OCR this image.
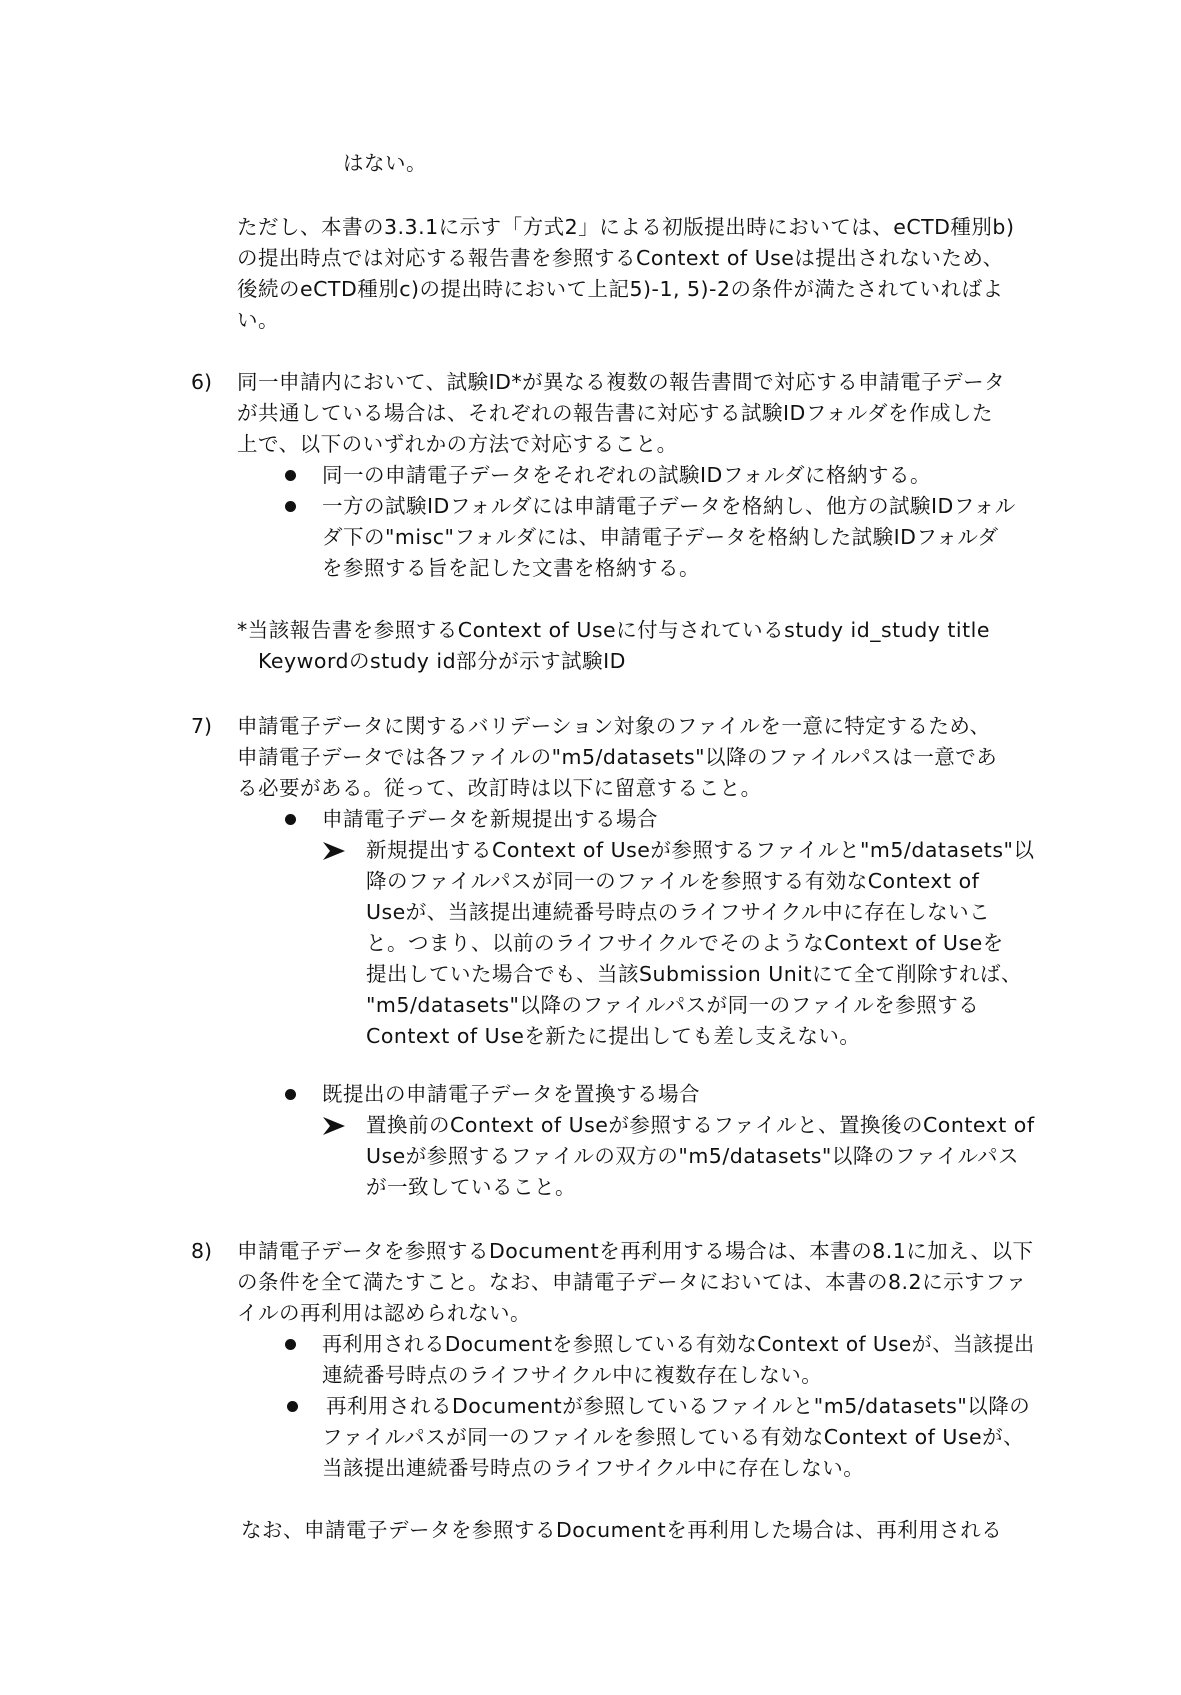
はない。
ただし、本書の3.3.1に示す「方式2」による初版提出時においては、eCTD種別b)
の提出時点では対応する報告書を参照するContext of Useは提出されないため、
後続のeCTD種別c)の提出時において上記5)-1, 5)-2の条件が満たされていればよ
い。
6) 同一申請内において、試験ID*が異なる複数の報告書間で対応する申請電子データ
が共通している場合は、それぞれの報告書に対応する試験IDフォルダを作成した
上で、以下のいずれかの方法で対応すること。
同一の申請電子データをそれぞれの試験IDフォルダに格納する。
一方の試験IDフォルダには申請電子データを格納し、他方の試験IDフォル
ダ下の"misc"フォルダには、申請電子データを格納した試験IDフォルダ
を参照する旨を記した文書を格納する。
*当該報告書を参照するContext of Useに付与されているstudy id_study title
Keywordのstudy id部分が示す試験ID
7) 申請電子データに関するバリデーション対象のファイルを一意に特定するため、
申請電子データでは各ファイルの"m5/datasets"以降のファイルパスは一意であ
る必要がある。従って、改訂時は以下に留意すること。
申請電子データを新規提出する場合
新規提出するContext of Useが参照するファイルと"m5/datasets"以
降のファイルパスが同一のファイルを参照する有効なContext of
Useが、当該提出連続番号時点のライフサイクル中に存在しないこ
と。つまり、以前のライフサイクルでそのようなContext of Useを
提出していた場合でも、当該Submission Unitにて全て削除すれば、
"m5/datasets"以降のファイルパスが同一のファイルを参照する
Context of Useを新たに提出しても差し支えない。
既提出の申請電子データを置換する場合
置換前のContext of Useが参照するファイルと、置換後のContext of
Useが参照するファイルの双方の"m5/datasets"以降のファイルパス
が一致していること。
8) 申請電子データを参照するDocumentを再利用する場合は、本書の8.1に加え、以下
の条件を全て満たすこと。なお、申請電子データにおいては、本書の8.2に示すファ
イルの再利用は認められない。
再利用されるDocumentを参照している有効なContext of Useが、当該提出
連続番号時点のライフサイクル中に複数存在しない。
再利用されるDocumentが参照しているファイルと"m5/datasets"以降の
ファイルパスが同一のファイルを参照している有効なContext of Useが、
当該提出連続番号時点のライフサイクル中に存在しない。
なお、申請電子データを参照するDocumentを再利用した場合は、再利用される
